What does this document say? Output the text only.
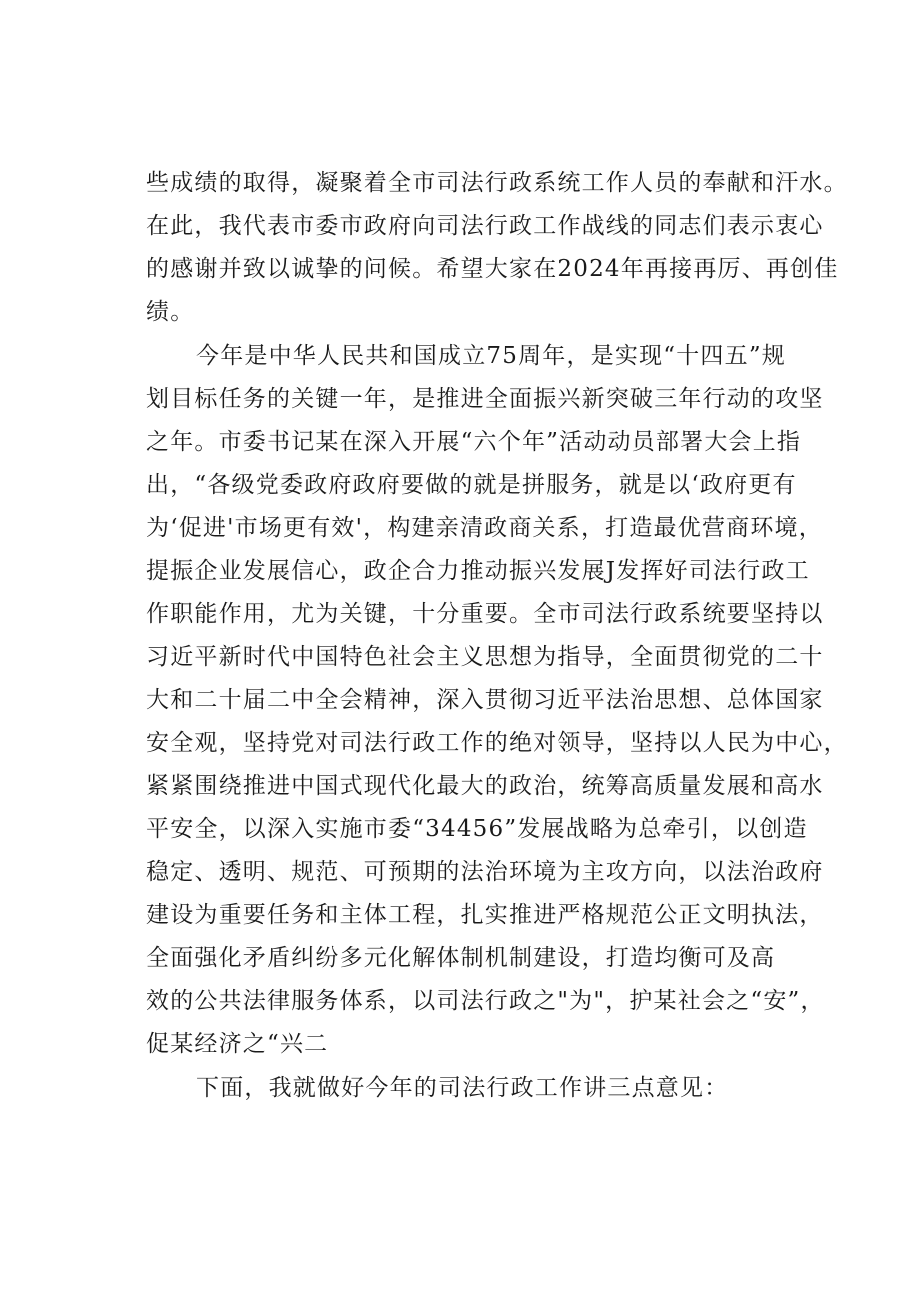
些成绩的取得，凝聚着全市司法行政系统工作人员的奉献和汗水。
在此，我代表市委市政府向司法行政工作战线的同志们表示衷心
的感谢并致以诚挚的问候。希望大家在2024年再接再厉、再创佳
绩。
今年是中华人民共和国成立75周年，是实现“十四五”规
划目标任务的关键一年，是推进全面振兴新突破三年行动的攻坚
之年。市委书记某在深入开展“六个年”活动动员部署大会上指
出，“各级党委政府政府要做的就是拼服务，就是以‘政府更有
为‘促进'市场更有效'，构建亲清政商关系，打造最优营商环境，
提振企业发展信心，政企合力推动振兴发展J发挥好司法行政工
作职能作用，尤为关键，十分重要。全市司法行政系统要坚持以
习近平新时代中国特色社会主义思想为指导，全面贯彻党的二十
大和二十届二中全会精神，深入贯彻习近平法治思想、总体国家
安全观，坚持党对司法行政工作的绝对领导，坚持以人民为中心，
紧紧围绕推进中国式现代化最大的政治，统筹高质量发展和高水
平安全，以深入实施市委“34456”发展战略为总牵引，以创造
稳定、透明、规范、可预期的法治环境为主攻方向，以法治政府
建设为重要任务和主体工程，扎实推进严格规范公正文明执法，
全面强化矛盾纠纷多元化解体制机制建设，打造均衡可及高
效的公共法律服务体系，以司法行政之"为"，护某社会之“安”，
促某经济之“兴二
下面，我就做好今年的司法行政工作讲三点意见：
